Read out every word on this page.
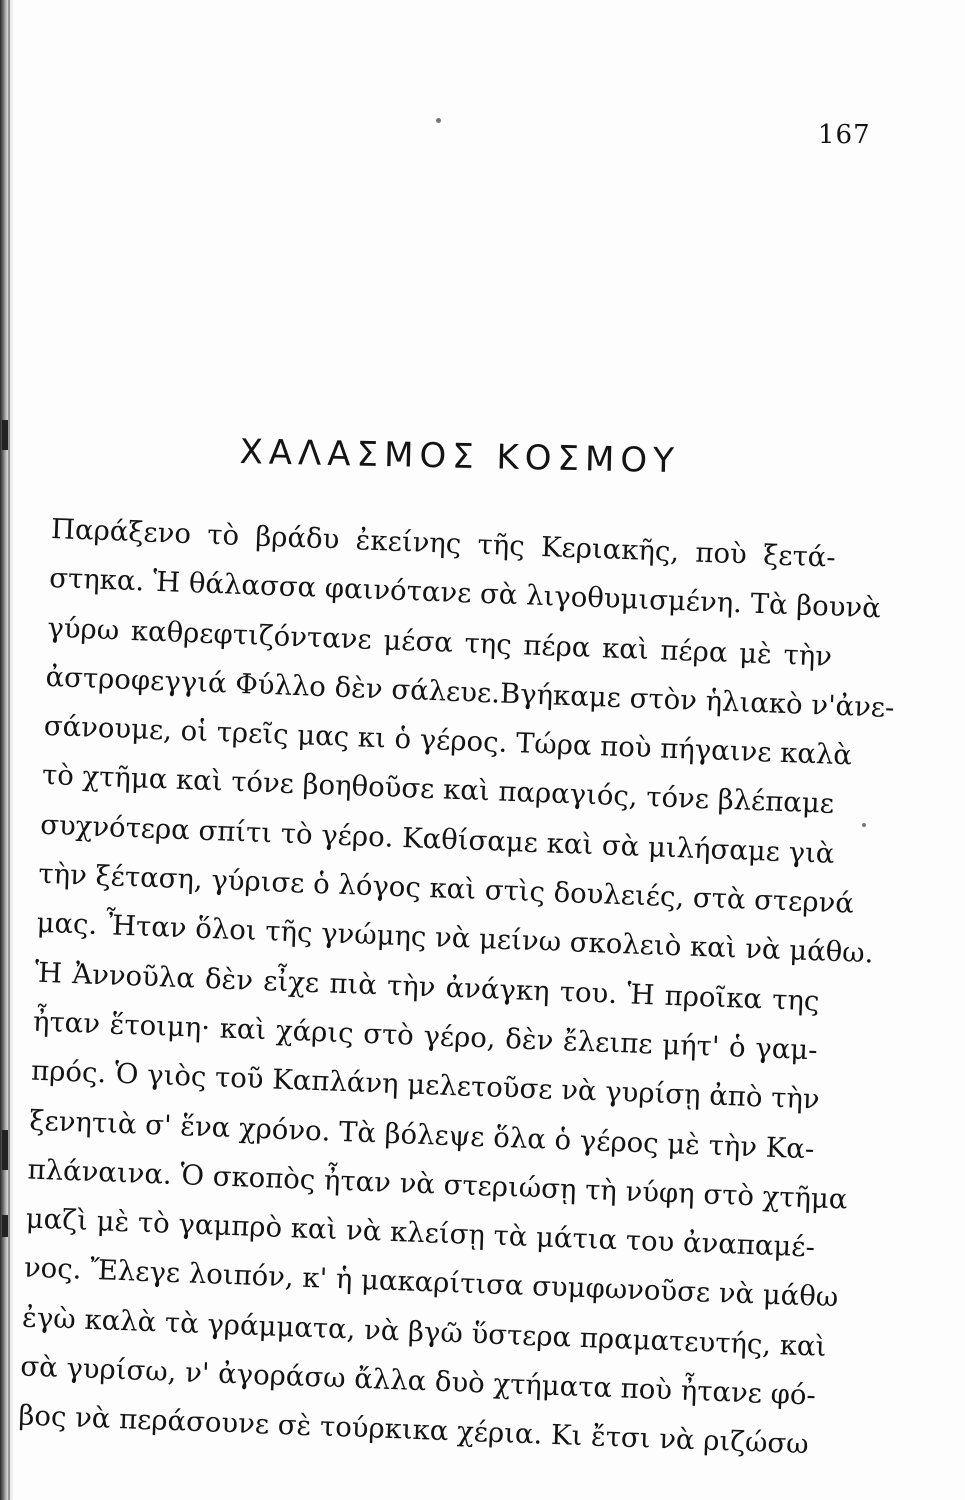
167
ΧΑΛΑΣΜΟΣ ΚΟΣΜΟΥ
Παράξενο τὸ βράδυ ἐκείνης τῆς Κεριακῆς, ποὺ ξετά-
στηκα. Ἡ θάλασσα φαινότανε σὰ λιγοθυμισμένη. Τὰ βουνὰ
γύρω καθρεφτιζόντανε μέσα της πέρα καὶ πέρα μὲ τὴν
ἀστροφεγγιά Φύλλο δὲν σάλευε.Βγήκαμε στὸν ἡλιακὸ ν'ἀνε-
σάνουμε, οἱ τρεῖς μας κι ὁ γέρος. Τώρα ποὺ πήγαινε καλὰ
τὸ χτῆμα καὶ τόνε βοηθοῦσε καὶ παραγιός, τόνε βλέπαμε
συχνότερα σπίτι τὸ γέρο. Καθίσαμε καὶ σὰ μιλήσαμε γιὰ
τὴν ξέταση, γύρισε ὁ λόγος καὶ στὶς δουλειές, στὰ στερνά
μας. Ἦταν ὅλοι τῆς γνώμης νὰ μείνω σκολειὸ καὶ νὰ μάθω.
Ἡ Ἀννοῦλα δὲν εἶχε πιὰ τὴν ἀνάγκη του. Ἡ προῖκα της
ἦταν ἕτοιμη· καὶ χάρις στὸ γέρο, δὲν ἔλειπε μήτ' ὁ γαμ-
πρός. Ὁ γιὸς τοῦ Καπλάνη μελετοῦσε νὰ γυρίσῃ ἀπὸ τὴν
ξενητιὰ σ' ἕνα χρόνο. Τὰ βόλεψε ὅλα ὁ γέρος μὲ τὴν Κα-
πλάναινα. Ὁ σκοπὸς ἦταν νὰ στεριώσῃ τὴ νύφη στὸ χτῆμα
μαζὶ μὲ τὸ γαμπρὸ καὶ νὰ κλείσῃ τὰ μάτια του ἀναπαμέ-
νος. Ἔλεγε λοιπόν, κ' ἡ μακαρίτισα συμφωνοῦσε νὰ μάθω
ἐγὼ καλὰ τὰ γράμματα, νὰ βγῶ ὕστερα πραματευτής, καὶ
σὰ γυρίσω, ν' ἀγοράσω ἄλλα δυὸ χτήματα ποὺ ἦτανε φό-
βος νὰ περάσουνε σὲ τούρκικα χέρια. Κι ἔτσι νὰ ριζώσω
